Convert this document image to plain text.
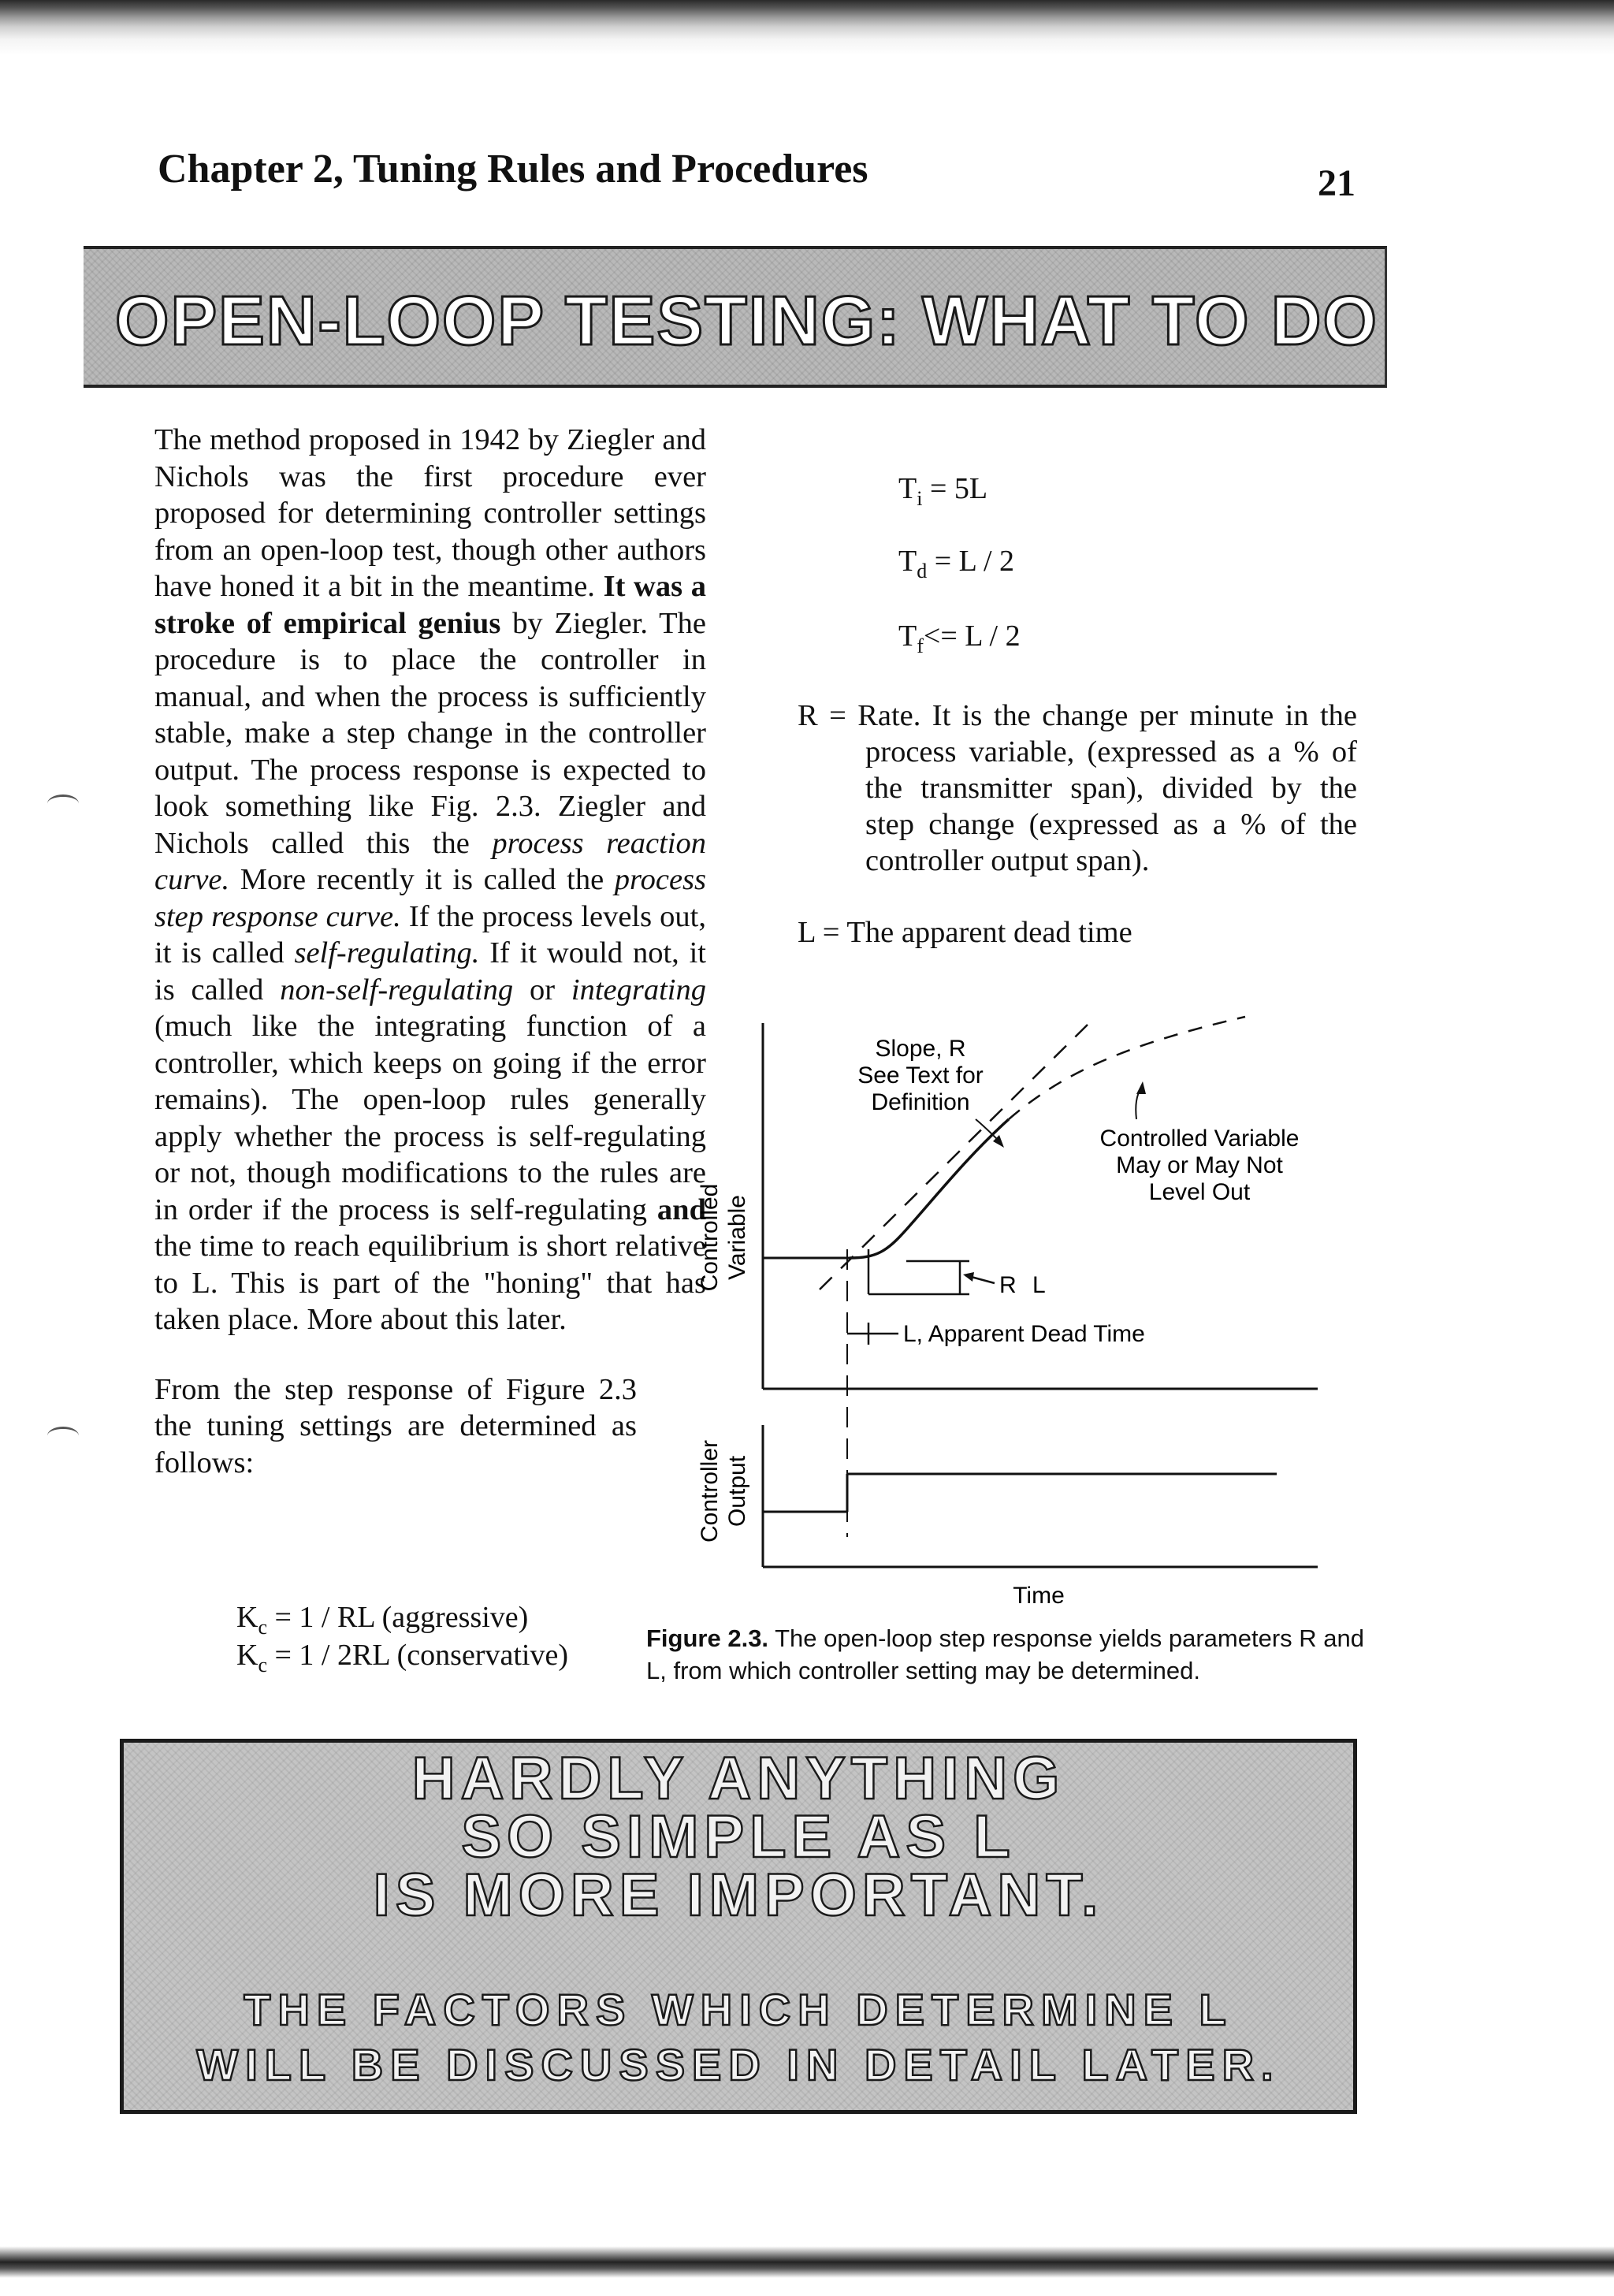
Chapter 2, Tuning Rules and Procedures	21
OPEN-LOOP TESTING: WHAT TO DO

The method proposed in 1942 by Ziegler and Nichols was the first procedure ever proposed for determining controller settings from an open-loop test, though other authors have honed it a bit in the meantime. It was a stroke of empirical genius by Ziegler. The procedure is to place the controller in manual, and when the process is sufficiently stable, make a step change in the controller output. The process response is expected to look something like Fig. 2.3. Ziegler and Nichols called this the process reaction curve. More recently it is called the process step response curve. If the process levels out, it is called self-regulating. If it would not, it is called non-self-regulating or integrating (much like the integrating function of a controller, which keeps on going if the error remains). The open-loop rules generally apply whether the process is self-regulating or not, though modifications to the rules are in order if the process is self-regulating and the time to reach equilibrium is short relative to L. This is part of the "honing" that has taken place. More about this later.

From the step response of Figure 2.3 the tuning settings are determined as follows:

$K_c = 1$ / RL (aggressive)
$K_c = 1 / 2RL$ (conservative)
$T_i = 5L$
$T_d = L / 2$
$T_f<= L / 2$
R = Rate. It is the change per minute in the process variable, (expressed as a % of the transmitter span), divided by the step change (expressed as a % of the controller output span).
L = The apparent dead time
Controlled Variable
Controller Output
Time
Slope, R
See Text for
Definition
Controlled Variable
May or May Not
Level Out
R L
L, Apparent Dead Time
Figure 2.3. The open-loop step response yields parameters R and L, from which controller setting may be determined.
HARDLY ANYTHING
SO SIMPLE AS L
IS MORE IMPORTANT.
THE FACTORS WHICH DETERMINE L
WILL BE DISCUSSED IN DETAIL LATER.
